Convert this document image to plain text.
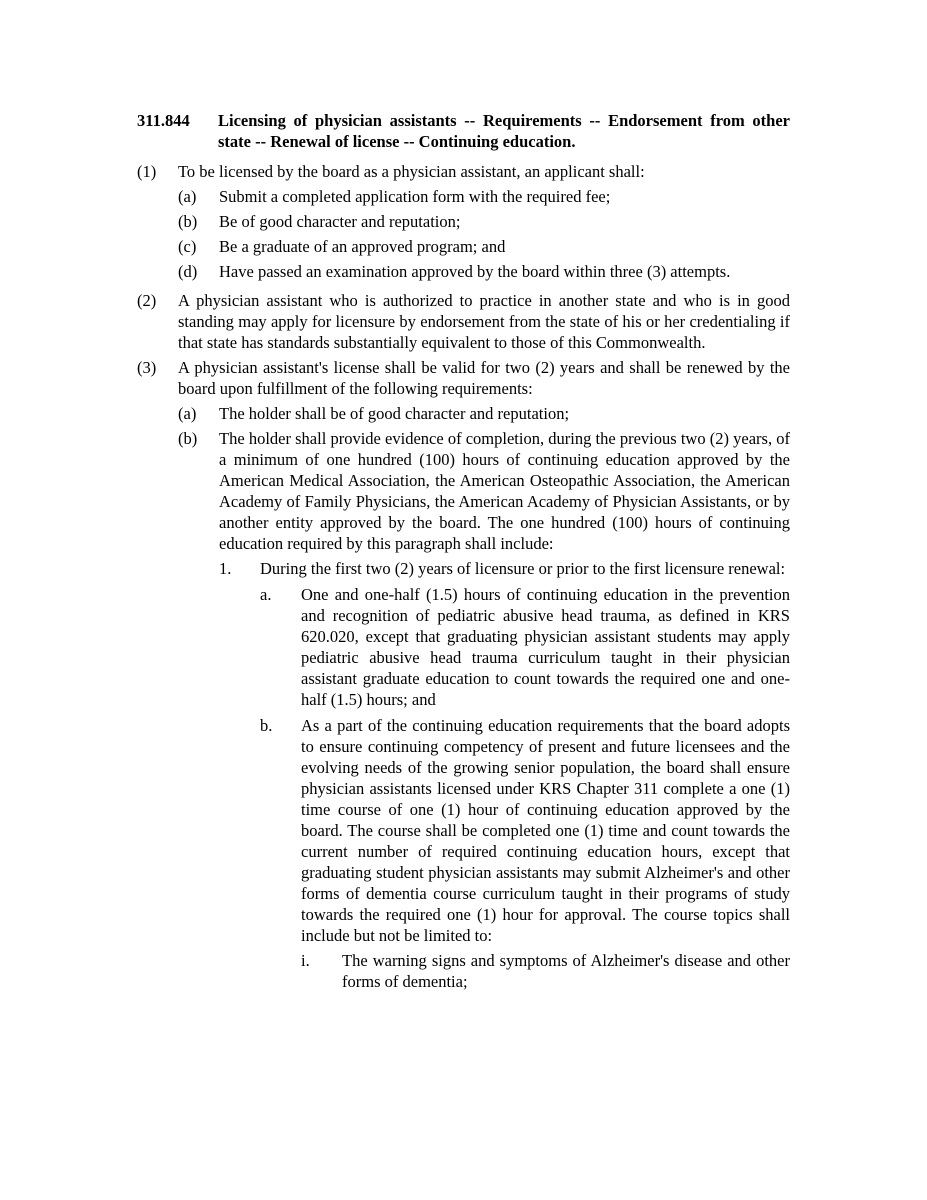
311.844	Licensing of physician assistants -- Requirements -- Endorsement from other state -- Renewal of license -- Continuing education.
(1)	To be licensed by the board as a physician assistant, an applicant shall:
(a)	Submit a completed application form with the required fee;
(b)	Be of good character and reputation;
(c)	Be a graduate of an approved program; and
(d)	Have passed an examination approved by the board within three (3) attempts.
(2)	A physician assistant who is authorized to practice in another state and who is in good standing may apply for licensure by endorsement from the state of his or her credentialing if that state has standards substantially equivalent to those of this Commonwealth.
(3)	A physician assistant's license shall be valid for two (2) years and shall be renewed by the board upon fulfillment of the following requirements:
(a)	The holder shall be of good character and reputation;
(b)	The holder shall provide evidence of completion, during the previous two (2) years, of a minimum of one hundred (100) hours of continuing education approved by the American Medical Association, the American Osteopathic Association, the American Academy of Family Physicians, the American Academy of Physician Assistants, or by another entity approved by the board. The one hundred (100) hours of continuing education required by this paragraph shall include:
1.	During the first two (2) years of licensure or prior to the first licensure renewal:
a.	One and one-half (1.5) hours of continuing education in the prevention and recognition of pediatric abusive head trauma, as defined in KRS 620.020, except that graduating physician assistant students may apply pediatric abusive head trauma curriculum taught in their physician assistant graduate education to count towards the required one and one-half (1.5) hours; and
b.	As a part of the continuing education requirements that the board adopts to ensure continuing competency of present and future licensees and the evolving needs of the growing senior population, the board shall ensure physician assistants licensed under KRS Chapter 311 complete a one (1) time course of one (1) hour of continuing education approved by the board. The course shall be completed one (1) time and count towards the current number of required continuing education hours, except that graduating student physician assistants may submit Alzheimer's and other forms of dementia course curriculum taught in their programs of study towards the required one (1) hour for approval. The course topics shall include but not be limited to:
i.	The warning signs and symptoms of Alzheimer's disease and other forms of dementia;
